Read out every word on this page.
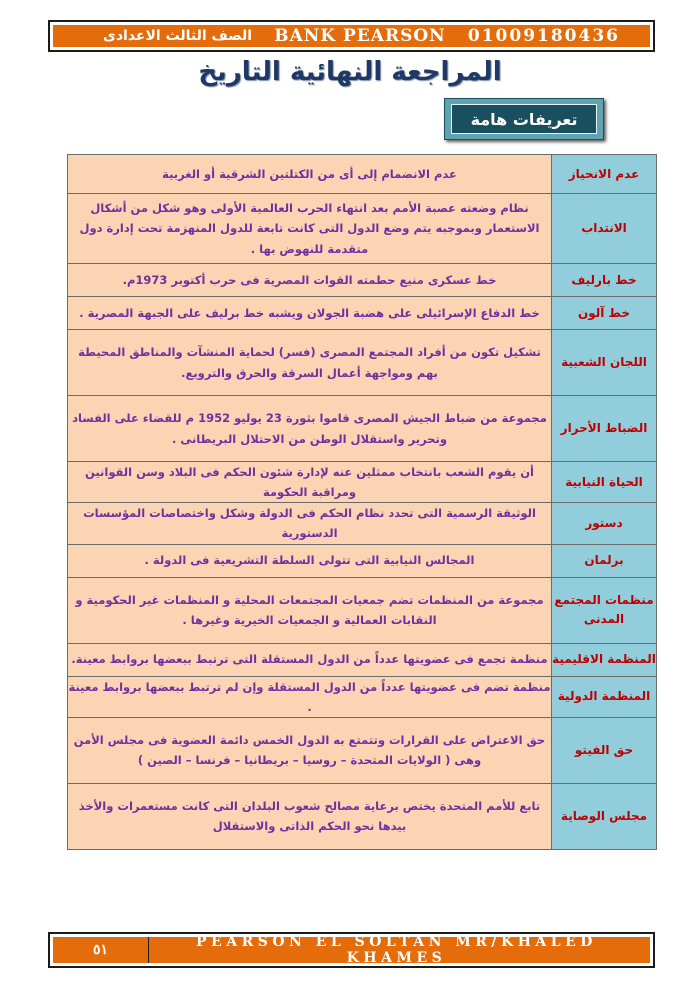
01009180436
BANK PEARSON
الصف الثالث الاعدادى
المراجعة النهائية التاريخ
تعريفات هامة
عدم الانحياز	عدم الانضمام إلى أى من الكتلتين الشرقية أو الغربية
الانتداب	نظام وضعته عصبة الأمم بعد انتهاء الحرب العالمية الأولى وهو شكل من أشكال الاستعمار وبموجبه يتم وضع الدول التى كانت تابعة للدول المنهزمة تحت إدارة دول متقدمة للنهوض بها .
خط بارليف	خط عسكرى منيع حطمته القوات المصرية فى حرب أكتوبر 1973م.
خط آلون	خط الدفاع الإسرائيلى على هضبة الجولان ويشبه خط برليف على الجبهة المصرية .
اللجان الشعبية	تشكيل تكون من أفراد المجتمع المصرى (فسر) لحماية المنشآت والمناطق المحيطة بهم ومواجهة أعمال السرقة والحرق والترويع.
الضباط الأحرار	مجموعة من ضباط الجيش المصرى قاموا بثورة 23 يوليو 1952 م للقضاء على الفساد وتحرير واستقلال الوطن من الاحتلال البريطانى .
الحياة النيابية	أن يقوم الشعب بانتخاب ممثلين عنه لإدارة شئون الحكم فى البلاد وسن القوانين ومراقبة الحكومة
دستور	الوثيقة الرسمية التى تحدد نظام الحكم فى الدولة وشكل واختصاصات المؤسسات الدستورية
برلمان	المجالس النيابية التى تتولى السلطة التشريعية فى الدولة .
منظمات المجتمع المدنى	مجموعة من المنظمات تضم جمعيات المجتمعات المحلية و المنظمات غير الحكومية و النقابات العمالية و الجمعيات الخيرية وغيرها .
المنظمة الاقليمية	منظمة تجمع فى عضويتها عدداً من الدول المستقلة التى ترتبط ببعضها بروابط معينة.
المنظمة الدولية	منظمة تضم فى عضويتها عدداً من الدول المستقلة وإن لم ترتبط ببعضها بروابط معينة .
حق الفيتو	حق الاعتراض على القرارات وتتمتع به الدول الخمس دائمة العضوية فى مجلس الأمن وهى ( الولايات المتحدة – روسيا – بريطانيا – فرنسا – الصين )
مجلس الوصاية	تابع للأمم المتحدة يختص برعاية مصالح شعوب البلدان التى كانت مستعمرات والأخذ بيدها نحو الحكم الذاتى والاستقلال
٥١	PEARSON EL SOLTAN MR/KHALED KHAMES
